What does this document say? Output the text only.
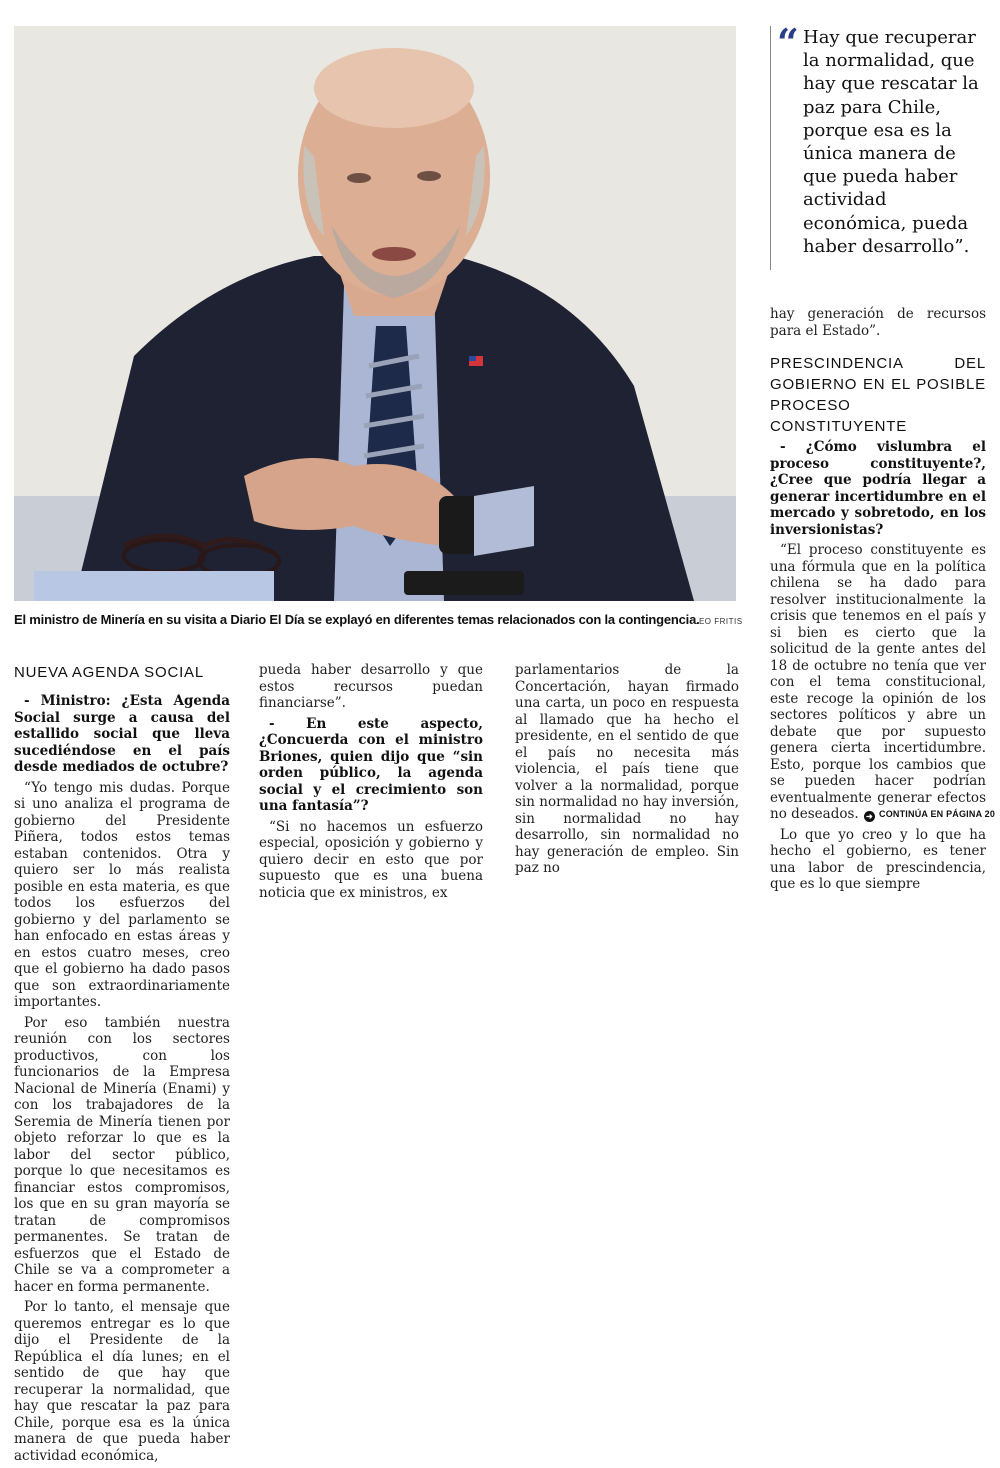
El ministro de Minería en su visita a Diario El Día se explayó en diferentes temas relacionados con la contingencia.
LEO FRITIS
“ Hay que recuperar la normalidad, que hay que rescatar la paz para Chile, porque esa es la única manera de que pueda haber actividad económica, pueda haber desarrollo”.
NUEVA AGENDA SOCIAL

- Ministro: ¿Esta Agenda Social surge a causa del estallido social que lleva sucediéndose en el país desde mediados de octubre?

“Yo tengo mis dudas. Porque si uno analiza el programa de gobierno del Presidente Piñera, todos estos temas estaban contenidos. Otra y quiero ser lo más realista posible en esta materia, es que todos los esfuerzos del gobierno y del parlamento se han enfocado en estas áreas y en estos cuatro meses, creo que el gobierno ha dado pasos que son extraordinariamente importantes.

Por eso también nuestra reunión con los sectores productivos, con los funcionarios de la Empresa Nacional de Minería (Enami) y con los trabajadores de la Seremia de Minería tienen por objeto reforzar lo que es la labor del sector público, porque lo que necesitamos es financiar estos compromisos, los que en su gran mayoría se tratan de compromisos permanentes. Se tratan de esfuerzos que el Estado de Chile se va a comprometer a hacer en forma permanente.

Por lo tanto, el mensaje que queremos entregar es lo que dijo el Presidente de la República el día lunes; en el sentido de que hay que recuperar la normalidad, que hay que rescatar la paz para Chile, porque esa es la única manera de que pueda haber actividad económica,

pueda haber desarrollo y que estos recursos puedan financiarse”.

- En este aspecto, ¿Concuerda con el ministro Briones, quien dijo que “sin orden público, la agenda social y el crecimiento son una fantasía”?

“Si no hacemos un esfuerzo especial, oposición y gobierno y quiero decir en esto que por supuesto que es una buena noticia que ex ministros, ex

parlamentarios de la Concertación, hayan firmado una carta, un poco en respuesta al llamado que ha hecho el presidente, en el sentido de que el país no necesita más violencia, el país tiene que volver a la normalidad, porque sin normalidad no hay inversión, sin normalidad no hay desarrollo, sin normalidad no hay generación de empleo. Sin paz no

hay generación de recursos para el Estado”.

PRESCINDENCIA DEL GOBIERNO EN EL POSIBLE PROCESO CONSTITUYENTE

- ¿Cómo vislumbra el proceso constituyente?, ¿Cree que podría llegar a generar incertidumbre en el mercado y sobretodo, en los inversionistas?

“El proceso constituyente es una fórmula que en la política chilena se ha dado para resolver institucionalmente la crisis que tenemos en el país y si bien es cierto que la solicitud de la gente antes del 18 de octubre no tenía que ver con el tema constitucional, este recoge la opinión de los sectores políticos y abre un debate que por supuesto genera cierta incertidumbre. Esto, porque los cambios que se pueden hacer podrían eventualmente generar efectos no deseados.

Lo que yo creo y lo que ha hecho el gobierno, es tener una labor de prescindencia, que es lo que siempre

➜ CONTINÚA EN PÁGINA 20
